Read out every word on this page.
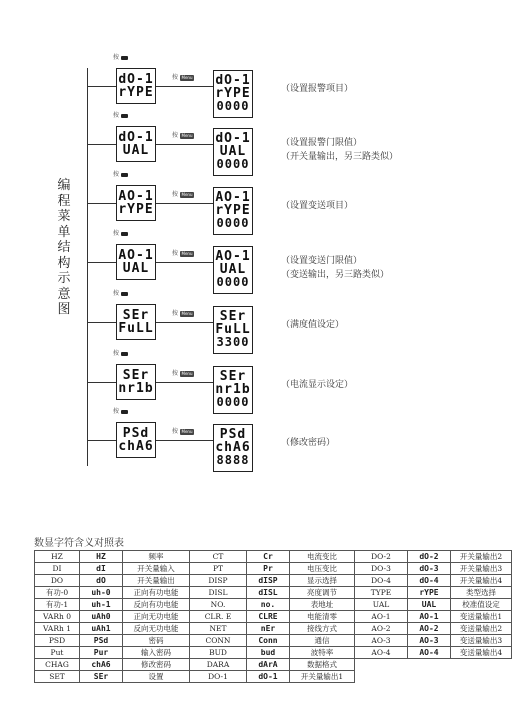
编
程
菜
单
结
构
示
意
图
按
dO-1
rYPE
按 Menu	dO-1
rYPE
0000
（设置报警项目）
按
dO-1
UAL
按 Menu	dO-1
UAL
0000
（设置报警门限值）
（开关量输出，另三路类似）
按
AO-1
rYPE
按 Menu	AO-1
rYPE
0000
（设置变送项目）
按
AO-1
UAL
按 Menu	AO-1
UAL
0000
（设置变送门限值）
（变送输出，另三路类似）
按
SEr
FuLL
按 Menu	SEr
FuLL
3300
（满度值设定）
按
SEr
nr1b
按 Menu	SEr
nr1b
0000
（电流显示设定）
按
PSd
chA6
按 Menu	PSd
chA6
8888
（修改密码）
数显字符含义对照表
HZ	HZ	频率	CT	Cr	电流变比	DO-2	dO-2	开关量输出2
DI	dI	开关量输入	PT	Pr	电压变比	DO-3	dO-3	开关量输出3
DO	dO	开关量输出	DISP	dISP	显示选择	DO-4	dO-4	开关量输出4
有功-0	uh-0	正向有功电能	DISL	dISL	亮度调节	TYPE	rYPE	类型选择
有功-1	uh-1	反向有功电能	NO.	no.	表地址	UAL	UAL	校准值设定
VARh 0	uAh0	正向无功电能	CLR. E	CLRE	电能清零	AO-1	AO-1	变送量输出1
VARh 1	uAh1	反向无功电能	NET	nEr	接线方式	AO-2	AO-2	变送量输出2
PSD	PSd	密码	CONN	Conn	通信	AO-3	AO-3	变送量输出3
Put	Pur	输入密码	BUD	bud	波特率	AO-4	AO-4	变送量输出4
CHAG	chA6	修改密码	DARA	dArA	数据格式			
SET	SEr	设置	DO-1	dO-1	开关量输出1			
